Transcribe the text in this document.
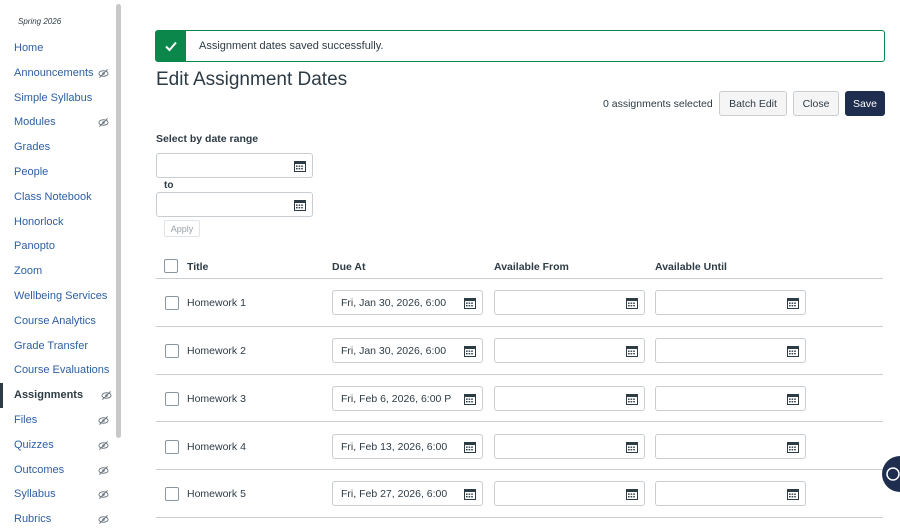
Spring 2026
Home
Announcements
Simple Syllabus
Modules
Grades
People
Class Notebook
Honorlock
Panopto
Zoom
Wellbeing Services
Course Analytics
Grade Transfer
Course Evaluations
Assignments
Files
Quizzes
Outcomes
Syllabus
Rubrics
Assignment dates saved successfully.
Edit Assignment Dates
0 assignments selected	Batch Edit	Close	Save
Select by date range
to
Apply
Title	Due At	Available From	Available Until
Homework 1	Fri, Jan 30, 2026, 6:00
Homework 2	Fri, Jan 30, 2026, 6:00
Homework 3	Fri, Feb 6, 2026, 6:00 P
Homework 4	Fri, Feb 13, 2026, 6:00
Homework 5	Fri, Feb 27, 2026, 6:00
